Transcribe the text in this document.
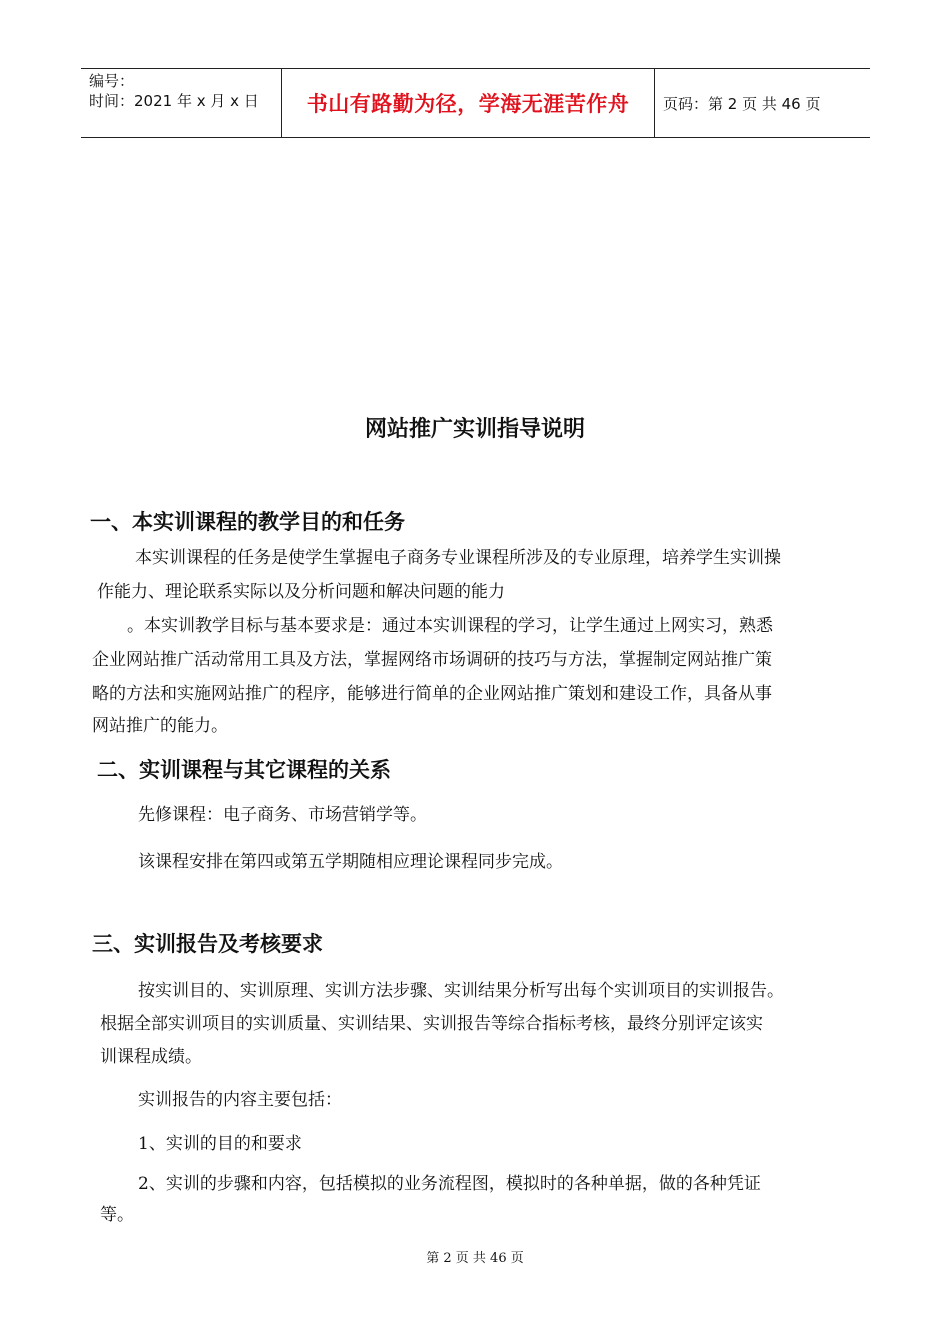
编号：
时间：2021 年 x 月 x 日	书山有路勤为径，学海无涯苦作舟 页码：第 2 页 共 46 页
网站推广实训指导说明
一、本实训课程的教学目的和任务
本实训课程的任务是使学生掌握电子商务专业课程所涉及的专业原理，培养学生实训操
作能力、理论联系实际以及分析问题和解决问题的能力
。本实训教学目标与基本要求是：通过本实训课程的学习，让学生通过上网实习，熟悉
企业网站推广活动常用工具及方法，掌握网络市场调研的技巧与方法，掌握制定网站推广策
略的方法和实施网站推广的程序，能够进行简单的企业网站推广策划和建设工作，具备从事
网站推广的能力。
二、实训课程与其它课程的关系
先修课程：电子商务、市场营销学等。
该课程安排在第四或第五学期随相应理论课程同步完成。
三、实训报告及考核要求
按实训目的、实训原理、实训方法步骤、实训结果分析写出每个实训项目的实训报告。
根据全部实训项目的实训质量、实训结果、实训报告等综合指标考核，最终分别评定该实
训课程成绩。
实训报告的内容主要包括：
1、实训的目的和要求
2、实训的步骤和内容，包括模拟的业务流程图，模拟时的各种单据，做的各种凭证
等。
第 2 页 共 46 页
